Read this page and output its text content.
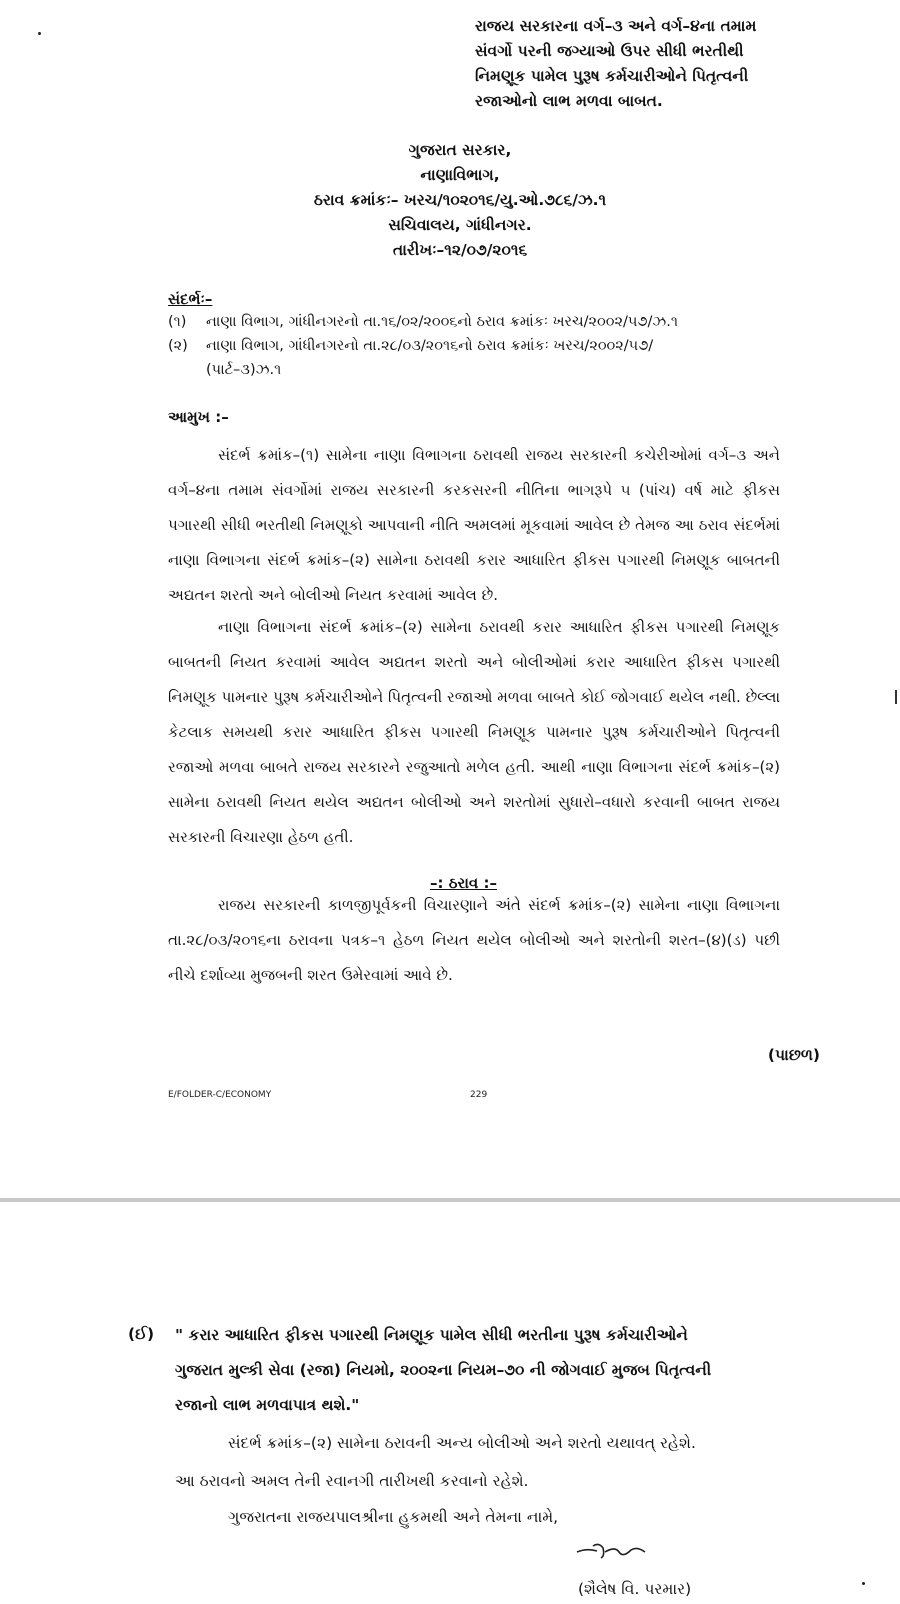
રાજય સરકારના વર્ગ–૩ અને વર્ગ–૪ના તમામ
સંવર્ગો પરની જગ્યાઓ ઉપર સીધી ભરતીથી
નિમણૂક પામેલ પુરૂષ કર્મચારીઓને પિતૃત્વની
રજાઓનો લાભ મળવા બાબત.
ગુજરાત સરકાર,
નાણાવિભાગ,
ઠરાવ ક્રમાંકઃ– ખરચ/૧૦૨૦૧૬/યુ.ઓ.૭૮૬/ઝ.૧
સચિવાલય, ગાંધીનગર.
તારીખઃ–૧૨/૦૭/૨૦૧૬
સંદર્ભઃ–
(૧) નાણા વિભાગ, ગાંધીનગરનો તા.૧૬/૦૨/૨૦૦૬નો ઠરાવ ક્રમાંકઃ ખરચ/૨૦૦૨/૫૭/ઝ.૧
(૨) નાણા વિભાગ, ગાંધીનગરનો તા.૨૮/૦૩/૨૦૧૬નો ઠરાવ ક્રમાંકઃ ખરચ/૨૦૦૨/૫૭/
(પાર્ટ–૩)ઝ.૧
આમુખ :–
સંદર્ભ ક્રમાંક–(૧) સામેના નાણા વિભાગના ઠરાવથી રાજય સરકારની કચેરીઓમાં વર્ગ–૩ અને વર્ગ–૪ના તમામ સંવર્ગોમાં રાજય સરકારની કરકસરની નીતિના ભાગરૂપે ૫ (પાંચ) વર્ષ માટે ફીકસ પગારથી સીધી ભરતીથી નિમણૂકો આપવાની નીતિ અમલમાં મૂકવામાં આવેલ છે તેમજ આ ઠરાવ સંદર્ભમાં નાણા વિભાગના સંદર્ભ ક્રમાંક–(૨) સામેના ઠરાવથી કરાર આધારિત ફીકસ પગારથી નિમણૂક બાબતની અદ્યતન શરતો અને બોલીઓ નિયત કરવામાં આવેલ છે.
નાણા વિભાગના સંદર્ભ ક્રમાંક–(૨) સામેના ઠરાવથી કરાર આધારિત ફીકસ પગારથી નિમણૂક બાબતની નિયત કરવામાં આવેલ અદ્યતન શરતો અને બોલીઓમાં કરાર આધારિત ફીકસ પગારથી નિમણૂક પામનાર પુરૂષ કર્મચારીઓને પિતૃત્વની રજાઓ મળવા બાબતે કોઈ જોગવાઈ થયેલ નથી. છેલ્લા કેટલાક સમયથી કરાર આધારિત ફીકસ પગારથી નિમણૂક પામનાર પુરૂષ કર્મચારીઓને પિતૃત્વની રજાઓ મળવા બાબતે રાજય સરકારને રજુઆતો મળેલ હતી. આથી નાણા વિભાગના સંદર્ભ ક્રમાંક–(૨) સામેના ઠરાવથી નિયત થયેલ અદ્યતન બોલીઓ અને શરતોમાં સુધારો–વધારો કરવાની બાબત રાજય સરકારની વિચારણા હેઠળ હતી.
–: ઠરાવ :–
રાજય સરકારની કાળજીપૂર્વકની વિચારણાને અંતે સંદર્ભ ક્રમાંક–(૨) સામેના નાણા વિભાગના તા.૨૮/૦૩/૨૦૧૬ના ઠરાવના પત્રક–૧ હેઠળ નિયત થયેલ બોલીઓ અને શરતોની શરત–(૪)(ડ) પછી નીચે દર્શાવ્યા મુજબની શરત ઉમેરવામાં આવે છે.
(પાછળ)
E/FOLDER-C/ECONOMY	229
(ઈ) " કરાર આધારિત ફીકસ પગારથી નિમણૂક પામેલ સીધી ભરતીના પુરૂષ કર્મચારીઓને
ગુજરાત મુલ્કી સેવા (રજા) નિયમો, ૨૦૦૨ના નિયમ–૭૦ ની જોગવાઈ મુજબ પિતૃત્વની
રજાનો લાભ મળવાપાત્ર થશે."
સંદર્ભ ક્રમાંક–(૨) સામેના ઠરાવની અન્ય બોલીઓ અને શરતો યથાવત્ રહેશે.
આ ઠરાવનો અમલ તેની રવાનગી તારીખથી કરવાનો રહેશે.
ગુજરાતના રાજયપાલશ્રીના હુકમથી અને તેમના નામે,
(શૈલેષ વિ. પરમાર)
